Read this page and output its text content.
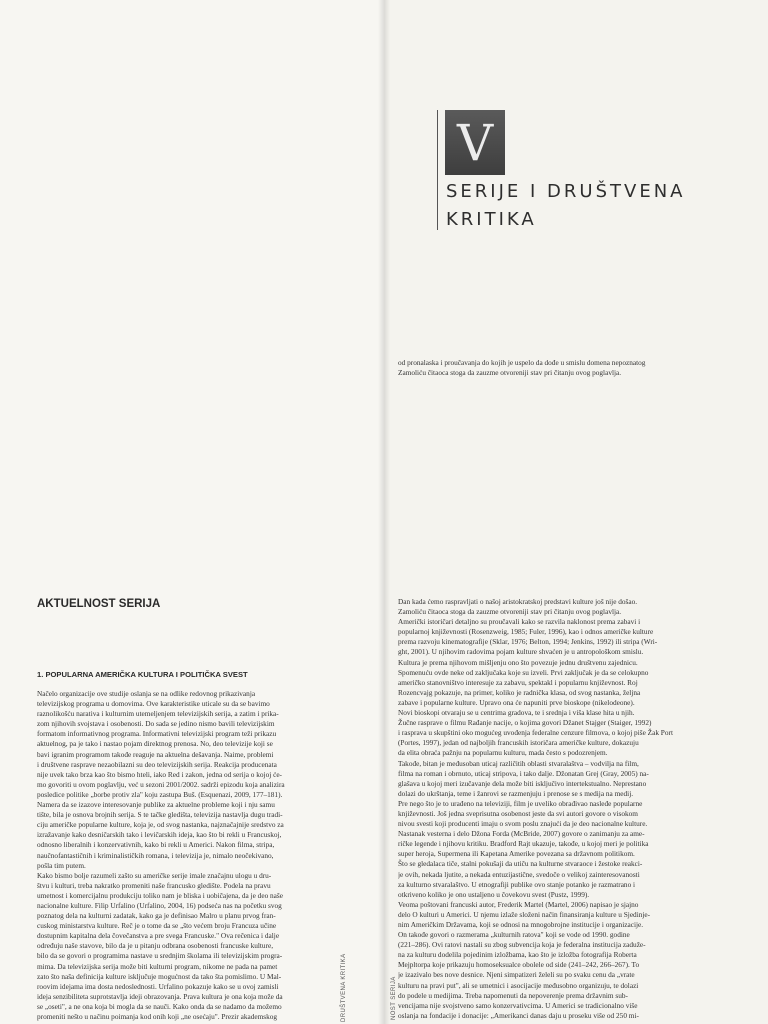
AKTUELNOST SERIJA
1. POPULARNA AMERIČKA KULTURA I POLITIČKA SVEST
Načelo organizacije ove studije oslanja se na odlike redovnog prikazivanja
televizijskog programa u domovima. Ove karakteristike uticale su da se bavimo
raznolikošću narativa i kulturnim utemeljenjem televizijskih serija, a zatim i prika-
zom njihovih svojstava i osobenosti. Do sada se jedino nismo bavili televizijskim
formatom informativnog programa. Informativni televizijski program teži prikazu
aktuelnog, pa je tako i nastao pojam direktnog prenosa. No, deo televizije koji se
bavi igranim programom takođe reaguje na aktuelna dešavanja. Naime, problemi
i društvene rasprave nezaobilazni su deo televizijskih serija. Reakcija producenata
nije uvek tako brza kao što bismo hteli, iako Red i zakon, jedna od serija o kojoj će-
mo govoriti u ovom poglavlju, već u sezoni 2001/2002. sadrži epizodu koja analizira
posledice politike „borbe protiv zla" koju zastupa Buš. (Esquenazi, 2009, 177–181).
Namera da se izazove interesovanje publike za aktuelne probleme koji i nju samu
tište, bila je osnova brojnih serija. S te tačke gledišta, televizija nastavlja dugu tradi-
ciju američke popularne kulture, koja je, od svog nastanka, najznačajnije sredstvo za
izražavanje kako desničarskih tako i levičarskih ideja, kao što bi rekli u Francuskoj,
odnosno liberalnih i konzervativnih, kako bi rekli u Americi. Nakon filma, stripa,
naučnofantastičnih i kriminalističkih romana, i televizija je, nimalo neočekivano,
pošla tim putem.
Kako bismo bolje razumeli zašto su američke serije imale značajnu ulogu u dru-
štvu i kulturi, treba nakratko promeniti naše francusko gledište. Podela na pravu
umetnost i komercijalnu produkciju toliko nam je bliska i uobičajena, da je deo naše
nacionalne kulture. Filip Urfalino (Urfalino, 2004, 16) podseća nas na početku svog
poznatog dela na kulturni zadatak, kako ga je definisao Malro u planu prvog fran-
cuskog ministarstva kulture. Reč je o tome da se „što većem broju Francuza učine
dostupnim kapitalna dela čovečanstva a pre svega Francuske." Ova rečenica i dalje
određuju naše stavove, bilo da je u pitanju odbrana osobenosti francuske kulture,
bilo da se govori o programima nastave u srednjim školama ili televizijskim progra-
mima. Da televizijska serija može biti kulturni program, nikome ne pada na pamet
zato što naša definicija kulture isključuje mogućnost da tako šta pomislimo. U Mal-
roovim idejama ima dosta nedoslednosti. Urfalino pokazuje kako se u ovoj zamisli
ideja senzibiliteta suprotstavlja ideji obrazovanja. Prava kultura je ona koja može da
se „oseti", a ne ona koja bi mogla da se nauči. Kako onda da se nadamo da možemo
promeniti nešto u načinu poimanja kod onih koji „ne osećaju". Prezir akademskog	DRUŠTVENA KRITIKA	NOST SERIJA
V
SERIJE I DRUŠTVENA
KRITIKA
od pronalaska i proučavanja do kojih je uspelo da dođe u smislu domena nepoznatog
Zamoliću čitaoca stoga da zauzme otvoreniji stav pri čitanju ovog poglavlja.
Dan kada ćemo raspravljati o našoj aristokratskoj predstavi kulture još nije došao.
Zamoliću čitaoca stoga da zauzme otvoreniji stav pri čitanju ovog poglavlja.
Američki istoričari detaljno su proučavali kako se razvila naklonost prema zabavi i
popularnoj književnosti (Rosenzweig, 1985; Fuler, 1996), kao i odnos američke kulture
prema razvoju kinematografije (Sklar, 1976; Belton, 1994; Jenkins, 1992) ili stripa (Wri-
ght, 2001). U njihovim radovima pojam kulture shvaćen je u antropološkom smislu.
Kultura je prema njihovom mišljenju ono što povezuje jednu društvenu zajednicu.
Spomenuću ovde neke od zaključaka koje su izveli. Prvi zaključak je da se celokupno
američko stanovništvo interesuje za zabavu, spektakl i popularnu književnost. Roj
Rozencvajg pokazuje, na primer, koliko je radnička klasa, od svog nastanka, željna
zabave i popularne kulture. Upravo ona će napuniti prve bioskope (nikelodeone).
Novi bioskopi otvaraju se u centrima gradova, te i srednja i viša klase hita u njih.
Žučne rasprave o filmu Rađanje nacije, o kojima govori Džanet Stajger (Staiger, 1992)
i rasprava u skupštini oko mogućeg uvođenja federalne cenzure filmova, o kojoj piše Žak Port
(Portes, 1997), jedan od najboljih francuskih istoričara američke kulture, dokazuju
da elita obraća pažnju na popularnu kulturu, mada često s podozrenjem.
Takođe, bitan je međusoban uticaj različitih oblasti stvaralaštva – vodvilja na film,
filma na roman i obrnuto, uticaj stripova, i tako dalje. Džonatan Grej (Gray, 2005) na-
glašava u kojoj meri izučavanje dela može biti isključivo intertekstualno. Neprestano
dolazi do ukrštanja, teme i žanrovi se razmenjuju i prenose se s medija na mediј.
Pre nego što je to urađeno na televiziji, film je uveliko obrađivao nasleđe popularne
književnosti. Još jedna sveprisutna osobenost jeste da svi autori govore o visokom
nivou svesti koji producenti imaju o svom poslu znajući da je deo nacionalne kulture.
Nastanak vesterna i delo Džona Forda (McBride, 2007) govore o zanimanju za ame-
ričke legende i njihovu kritiku. Bradford Rajt ukazuje, takođe, u kojoj meri je politika
super heroja, Supermena ili Kapetana Amerike povezana sa državnom politikom.
Što se gledalaca tiče, stalni pokušaji da utiču na kulturne stvaraoce i žestoke reakci-
je ovih, nekada ljutite, a nekada entuzijastične, svedoče o velikoj zainteresovanosti
za kulturno stvaralaštvo. U etnografiji publike ovo stanje potanko je razmatrano i
otkriveno koliko je ono ustaljeno u čovekovu svest (Pustz, 1999).
Veoma poštovani francuski autor, Frederik Martel (Martel, 2006) napisao je sjajno
delo O kulturi u Americi. U njemu izlaže složeni način finansiranja kulture u Sjedinje-
nim Američkim Državama, koji se odnosi na mnogobrojne institucije i organizacije.
On takođe govori o razmerama „kulturnih ratova" koji se vode od 1990. godine
(221–286). Ovi ratovi nastali su zbog subvencija koja je federalna institucija zadužе-
na za kulturu dodelila pojedinim izložbama, kao što je izložba fotografija Roberta
Mejpltorpa koje prikazuju homoseksualce obolele od side (241–242, 266–267). To
je izazivalo bes nove desnice. Njeni simpatizeri želeli su po svaku cenu da „vrate
kulturu na pravi put", ali se umetnici i asocijacije međusobno organizuju, te dolazi
do podele u medijima. Treba napomenuti da nepoverenje prema državnim sub-
vencijama nije svojstveno samo konzervativcima. U Americi se tradicionalno više
oslanja na fondacije i donacije: „Amerikanci danas daju u proseku više od 250 mi-
